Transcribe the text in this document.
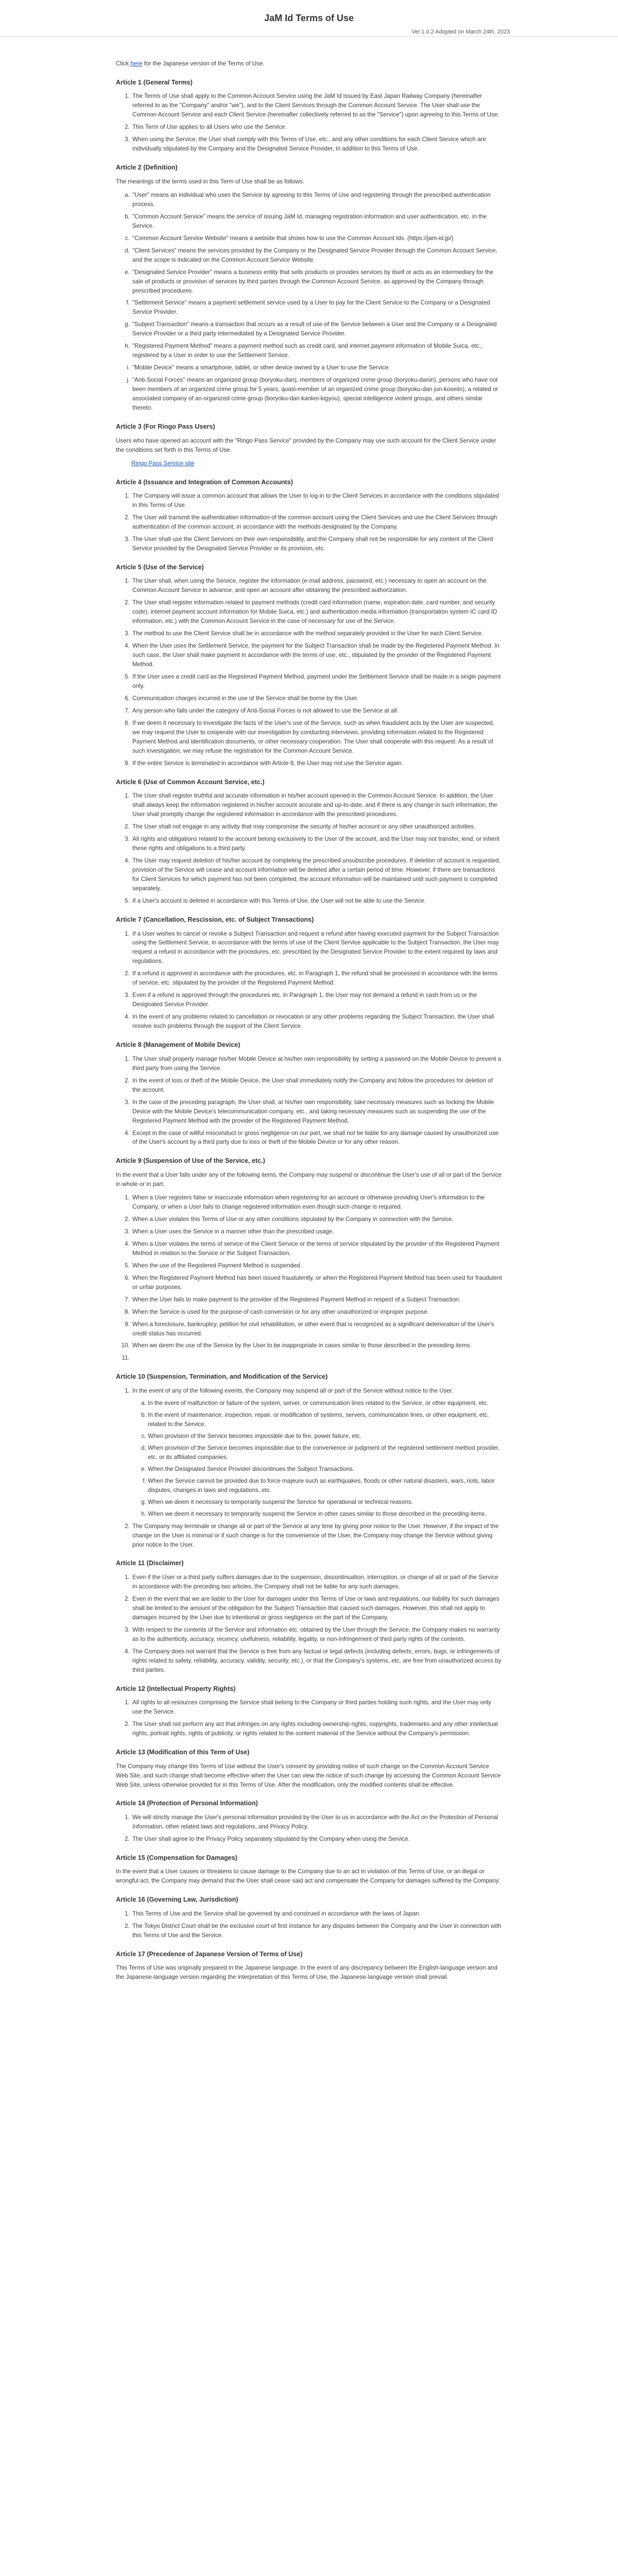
JaM Id Terms of Use
Ver.1.0.2 Adopted on March 24th, 2023

Click here for the Japanese version of the Terms of Use.

Article 1 (General Terms)
1. The Terms of Use shall apply to the Common Account Service using the JaM Id issued by East Japan Railway Company (hereinafter referred to as the "Company" and/or "we"), and to the Client Services through the Common Account Service. The User shall use the Common Account Service and each Client Service (hereinafter collectively referred to as the "Service") upon agreeing to this Terms of Use.
2. This Term of Use applies to all Users who use the Service.
3. When using the Service, the User shall comply with this Terms of Use, etc., and any other conditions for each Client Service which are individually stipulated by the Company and the Designated Service Provider, in addition to this Terms of Use.
Article 2 (Definition)

The meanings of the terms used in this Term of Use shall be as follows.

a. "User" means an individual who uses the Service by agreeing to this Terms of Use and registering through the prescribed authentication process.
b. "Common Account Service" means the service of issuing JaM Id, managing registration information and user authentication, etc. in the Service.
c. "Common Account Service Website" means a website that shows how to use the Common Account Ids. (https://jam-id.jp/)
d. "Client Services" means the services provided by the Company or the Designated Service Provider through the Common Account Service, and the scope is indicated on the Common Account Service Website.
e. "Designated Service Provider" means a business entity that sells products or provides services by itself or acts as an intermediary for the sale of products or provision of services by third parties through the Common Account Service, as approved by the Company through prescribed procedures.
f. "Settlement Service" means a payment settlement service used by a User to pay for the Client Service to the Company or a Designated Service Provider.
g. "Subject Transaction" means a transaction that occurs as a result of use of the Service between a User and the Company or a Designated Service Provider or a third party intermediated by a Designated Service Provider.
h. "Registered Payment Method" means a payment method such as credit card, and internet payment information of Mobile Suica, etc., registered by a User in order to use the Settlement Service.
i. "Mobile Device" means a smartphone, tablet, or other device owned by a User to use the Service.
j. "Anti-Social Forces" means an organized group (boryoku-dan), members of organized crime group (boryoku-danin), persons who have not been members of an organized crime group for 5 years, quasi-member of an organized crime group (boryoku-dan jun-koseiin), a related or associated company of an organized crime group (boryoku-dan kankei-kigyou), special intelligence violent groups, and others similar thereto.
Article 3 (For Ringo Pass Users)

Users who have opened an account with the "Ringo Pass Service" provided by the Company may use such account for the Client Service under the conditions set forth in this Terms of Use.

Ringo Pass Service site
Article 4 (Issuance and Integration of Common Accounts)
1. The Company will issue a common account that allows the User to log in to the Client Services in accordance with the conditions stipulated in this Terms of Use.
2. The User will transmit the authentication information of the common account using the Client Services and use the Client Services through authentication of the common account, in accordance with the methods designated by the Company.
3. The User shall use the Client Services on their own responsibility, and the Company shall not be responsible for any content of the Client Service provided by the Designated Service Provider or its provision, etc.
Article 5 (Use of the Service)
1. The User shall, when using the Service, register the information (e-mail address, password, etc.) necessary to open an account on the Common Account Service in advance, and open an account after obtaining the prescribed authorization.
2. The User shall register information related to payment methods (credit card information (name, expiration date, card number, and security code), internet payment account information for Mobile Suica, etc.) and authentication media information (transportation system IC card ID information, etc.) with the Common Account Service in the case of necessary for use of the Service.
3. The method to use the Client Service shall be in accordance with the method separately provided in the User for each Client Service.
4. When the User uses the Settlement Service, the payment for the Subject Transaction shall be made by the Registered Payment Method. In such case, the User shall make payment in accordance with the terms of use, etc., stipulated by the provider of the Registered Payment Method.
5. If the User uses a credit card as the Registered Payment Method, payment under the Settlement Service shall be made in a single payment only.
6. Communication charges incurred in the use of the Service shall be borne by the User.
7. Any person who falls under the category of Anti-Social Forces is not allowed to use the Service at all.
8. If we deem it necessary to investigate the facts of the User's use of the Service, such as when fraudulent acts by the User are suspected, we may request the User to cooperate with our investigation by conducting interviews, providing information related to the Registered Payment Method and identification documents, or other necessary cooperation. The User shall cooperate with this request. As a result of such investigation, we may refuse the registration for the Common Account Service.
9. If the entire Service is terminated in accordance with Article 8, the User may not use the Service again.
Article 6 (Use of Common Account Service, etc.)
1. The User shall register truthful and accurate information in his/her account opened in the Common Account Service. In addition, the User shall always keep the information registered in his/her account accurate and up-to-date, and if there is any change in such information, the User shall promptly change the registered information in accordance with the prescribed procedures.
2. The User shall not engage in any activity that may compromise the security of his/her account or any other unauthorized activities.
3. All rights and obligations related to the account belong exclusively to the User of the account, and the User may not transfer, lend, or inherit these rights and obligations to a third party.
4. The User may request deletion of his/her account by completing the prescribed unsubscribe procedures. If deletion of account is requested, provision of the Service will cease and account information will be deleted after a certain period of time. However, if there are transactions for Client Services for which payment has not been completed, the account information will be maintained until such payment is completed separately.
5. If a User's account is deleted in accordance with this Terms of Use, the User will not be able to use the Service.
Article 7 (Cancellation, Rescission, etc. of Subject Transactions)
1. If a User wishes to cancel or revoke a Subject Transaction and request a refund after having executed payment for the Subject Transaction using the Settlement Service, in accordance with the terms of use of the Client Service applicable to the Subject Transaction, the User may request a refund in accordance with the procedures, etc. prescribed by the Designated Service Provider to the extent required by laws and regulations.
2. If a refund is approved in accordance with the procedures, etc. in Paragraph 1, the refund shall be processed in accordance with the terms of service, etc. stipulated by the provider of the Registered Payment Method.
3. Even if a refund is approved through the procedures etc. in Paragraph 1, the User may not demand a refund in cash from us or the Designated Service Provider.
4. In the event of any problems related to cancellation or revocation or any other problems regarding the Subject Transaction, the User shall resolve such problems through the support of the Client Service.
Article 8 (Management of Mobile Device)
1. The User shall properly manage his/her Mobile Device at his/her own responsibility by setting a password on the Mobile Device to prevent a third party from using the Service.
2. In the event of loss or theft of the Mobile Device, the User shall immediately notify the Company and follow the procedures for deletion of the account.
3. In the case of the preceding paragraph, the User shall, at his/her own responsibility, take necessary measures such as locking the Mobile Device with the Mobile Device's telecommunication company, etc., and taking necessary measures such as suspending the use of the Registered Payment Method with the provider of the Registered Payment Method.
4. Except in the case of willful misconduct or gross negligence on our part, we shall not be liable for any damage caused by unauthorized use of the User's account by a third party due to loss or theft of the Mobile Device or for any other reason.
Article 9 (Suspension of Use of the Service, etc.)

In the event that a User falls under any of the following items, the Company may suspend or discontinue the User's use of all or part of the Service in whole or in part.

1. When a User registers false or inaccurate information when registering for an account or otherwise providing User's information to the Company, or when a User fails to change registered information even though such change is required.
2. When a User violates this Terms of Use or any other conditions stipulated by the Company in connection with the Service.
3. When a User uses the Service in a manner other than the prescribed usage.
4. When a User violates the terms of service of the Client Service or the terms of service stipulated by the provider of the Registered Payment Method in relation to the Service or the Subject Transaction.
5. When the use of the Registered Payment Method is suspended.
6. When the Registered Payment Method has been issued fraudulently, or when the Registered Payment Method has been used for fraudulent or unfair purposes.
7. When the User fails to make payment to the provider of the Registered Payment Method in respect of a Subject Transaction.
8. When the Service is used for the purpose of cash conversion or for any other unauthorized or improper purpose.
9. When a foreclosure, bankruptcy, petition for civil rehabilitation, or other event that is recognized as a significant deterioration of the User's credit status has occurred.
10. When we deem the use of the Service by the User to be inappropriate in cases similar to those described in the preceding items.
11.
Article 10 (Suspension, Termination, and Modification of the Service)
1. In the event of any of the following events, the Company may suspend all or part of the Service without notice to the User.
a. In the event of malfunction or failure of the system, server, or communication lines related to the Service, or other equipment, etc.
b. In the event of maintenance, inspection, repair, or modification of systems, servers, communication lines, or other equipment, etc. related to the Service.
c. When provision of the Service becomes impossible due to fire, power failure, etc.
d. When provision of the Service becomes impossible due to the convenience or judgment of the registered settlement method provider, etc. or its affiliated companies.
e. When the Designated Service Provider discontinues the Subject Transactions.
f. When the Service cannot be provided due to force majeure such as earthquakes, floods or other natural disasters, wars, riots, labor disputes, changes in laws and regulations, etc.
g. When we deem it necessary to temporarily suspend the Service for operational or technical reasons.
h. When we deem it necessary to temporarily suspend the Service in other cases similar to those described in the preceding items.
2. The Company may terminate or change all or part of the Service at any time by giving prior notice to the User. However, if the impact of the change on the User is minimal or if such change is for the convenience of the User, the Company may change the Service without giving prior notice to the User.
Article 11 (Disclaimer)
1. Even if the User or a third party suffers damages due to the suspension, discontinuation, interruption, or change of all or part of the Service in accordance with the preceding two articles, the Company shall not be liable for any such damages.
2. Even in the event that we are liable to the User for damages under this Terms of Use or laws and regulations, our liability for such damages shall be limited to the amount of the obligation for the Subject Transaction that caused such damages. However, this shall not apply to damages incurred by the User due to intentional or gross negligence on the part of the Company.
3. With respect to the contents of the Service and information etc. obtained by the User through the Service, the Company makes no warranty as to the authenticity, accuracy, recency, usefulness, reliability, legality, or non-infringement of third party rights of the contents.
4. The Company does not warrant that the Service is free from any factual or legal defects (including defects, errors, bugs, or infringements of rights related to safety, reliability, accuracy, validity, security, etc.), or that the Company's systems, etc. are free from unauthorized access by third parties.
Article 12 (Intellectual Property Rights)
1. All rights to all resources comprising the Service shall belong to the Company or third parties holding such rights, and the User may only use the Service.
2. The User shall not perform any act that infringes on any rights including ownership rights, copyrights, trademarks and any other intellectual rights, portrait rights, rights of publicity, or rights related to the content material of the Service without the Company's permission.
Article 13 (Modification of this Term of Use)

The Company may change this Terms of Use without the User's consent by providing notice of such change on the Common Account Service Web Site, and such change shall become effective when the User can view the notice of such change by accessing the Common Account Service Web Site, unless otherwise provided for in this Terms of Use. After the modification, only the modified contents shall be effective.

Article 14 (Protection of Personal Information)
1. We will strictly manage the User's personal information provided by the User to us in accordance with the Act on the Protection of Personal Information, other related laws and regulations, and Privacy Policy.
2. The User shall agree to the Privacy Policy separately stipulated by the Company when using the Service.
Article 15 (Compensation for Damages)

In the event that a User causes or threatens to cause damage to the Company due to an act in violation of this Terms of Use, or an illegal or wrongful act, the Company may demand that the User shall cease said act and compensate the Company for damages suffered by the Company.

Article 16 (Governing Law, Jurisdiction)
1. This Terms of Use and the Service shall be governed by and construed in accordance with the laws of Japan.
2. The Tokyo District Court shall be the exclusive court of first instance for any disputes between the Company and the User in connection with this Terms of Use and the Service.
Article 17 (Precedence of Japanese Version of Terms of Use)

This Terms of Use was originally prepared in the Japanese language. In the event of any discrepancy between the English-language version and the Japanese-language version regarding the interpretation of this Terms of Use, the Japanese-language version shall prevail.
